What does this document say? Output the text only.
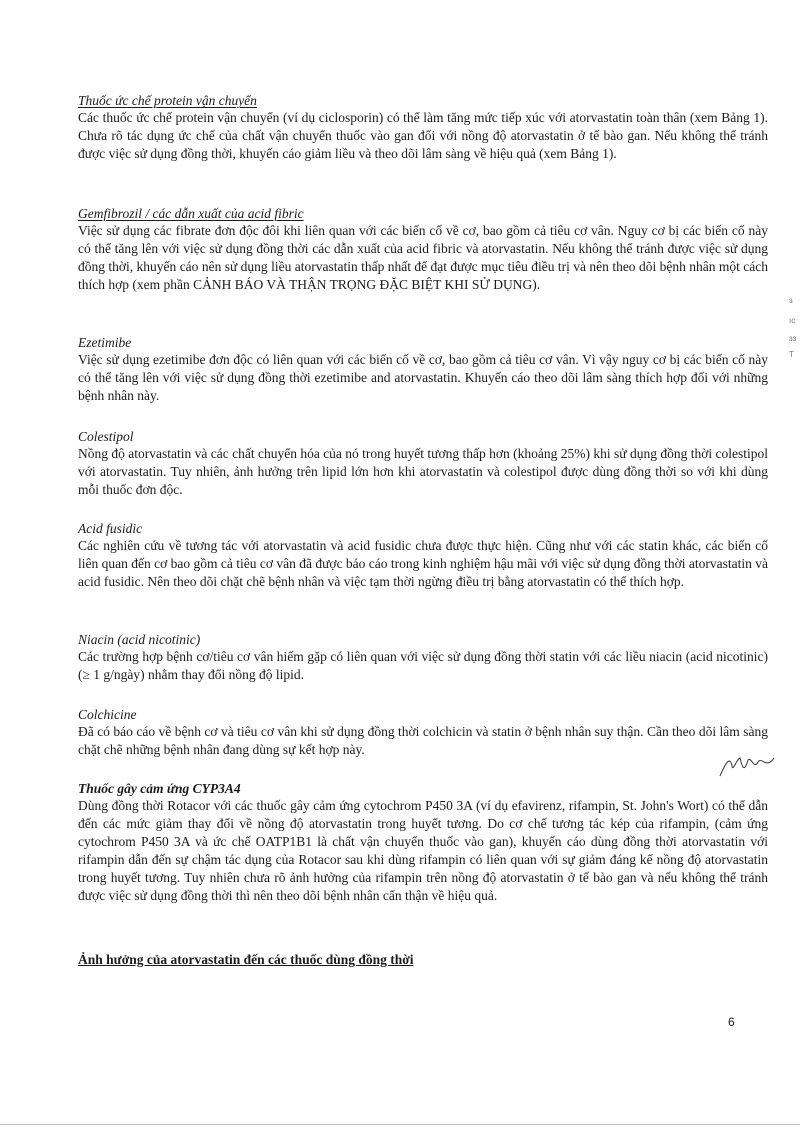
Thuốc ức chế protein vận chuyển

Các thuốc ức chế protein vận chuyển (ví dụ ciclosporin) có thể làm tăng mức tiếp xúc với atorvastatin toàn thân (xem Bảng 1). Chưa rõ tác dụng ức chế của chất vận chuyển thuốc vào gan đối với nồng độ atorvastatin ở tế bào gan. Nếu không thể tránh được việc sử dụng đồng thời, khuyến cáo giảm liều và theo dõi lâm sàng về hiệu quả (xem Bảng 1).

Gemfibrozil / các dẫn xuất của acid fibric

Việc sử dụng các fibrate đơn độc đôi khi liên quan với các biến cố về cơ, bao gồm cả tiêu cơ vân. Nguy cơ bị các biến cố này có thể tăng lên với việc sử dụng đồng thời các dẫn xuất của acid fibric và atorvastatin. Nếu không thể tránh được việc sử dụng đồng thời, khuyến cáo nên sử dụng liều atorvastatin thấp nhất để đạt được mục tiêu điều trị và nên theo dõi bệnh nhân một cách thích hợp (xem phần CẢNH BÁO VÀ THẬN TRỌNG ĐẶC BIỆT KHI SỬ DỤNG).

Ezetimibe

Việc sử dụng ezetimibe đơn độc có liên quan với các biến cố về cơ, bao gồm cả tiêu cơ vân. Vì vậy nguy cơ bị các biến cố này có thể tăng lên với việc sử dụng đồng thời ezetimibe and atorvastatin. Khuyến cáo theo dõi lâm sàng thích hợp đối với những bệnh nhân này.

Colestipol

Nồng độ atorvastatin và các chất chuyển hóa của nó trong huyết tương thấp hơn (khoảng 25%) khi sử dụng đồng thời colestipol với atorvastatin. Tuy nhiên, ảnh hưởng trên lipid lớn hơn khi atorvastatin và colestipol được dùng đồng thời so với khi dùng mỗi thuốc đơn độc.

Acid fusidic

Các nghiên cứu về tương tác với atorvastatin và acid fusidic chưa được thực hiện. Cũng như với các statin khác, các biến cố liên quan đến cơ bao gồm cả tiêu cơ vân đã được báo cáo trong kinh nghiệm hậu mãi với việc sử dụng đồng thời atorvastatin và acid fusidic. Nên theo dõi chặt chẽ bệnh nhân và việc tạm thời ngừng điều trị bằng atorvastatin có thể thích hợp.

Niacin (acid nicotinic)

Các trường hợp bệnh cơ/tiêu cơ vân hiếm gặp có liên quan với việc sử dụng đồng thời statin với các liều niacin (acid nicotinic) (≥ 1 g/ngày) nhằm thay đổi nồng độ lipid.

Colchicine

Đã có báo cáo về bệnh cơ và tiêu cơ vân khi sử dụng đồng thời colchicin và statin ở bệnh nhân suy thận. Cần theo dõi lâm sàng chặt chẽ những bệnh nhân đang dùng sự kết hợp này.

Thuốc gây cảm ứng CYP3A4

Dùng đồng thời Rotacor với các thuốc gây cảm ứng cytochrom P450 3A (ví dụ efavirenz, rifampin, St. John's Wort) có thể dẫn đến các mức giảm thay đổi về nồng độ atorvastatin trong huyết tương. Do cơ chế tương tác kép của rifampin, (cảm ứng cytochrom P450 3A và ức chế OATP1B1 là chất vận chuyển thuốc vào gan), khuyến cáo dùng đồng thời atorvastatin với rifampin dẫn đến sự chậm tác dụng của Rotacor sau khi dùng rifampin có liên quan với sự giảm đáng kể nồng độ atorvastatin trong huyết tương. Tuy nhiên chưa rõ ảnh hưởng của rifampin trên nồng độ atorvastatin ở tế bào gan và nếu không thể tránh được việc sử dụng đồng thời thì nên theo dõi bệnh nhân cẩn thận về hiệu quả.

Ảnh hưởng của atorvastatin đến các thuốc dùng đồng thời
6
ɜ
ıc
ɜɜ
T
